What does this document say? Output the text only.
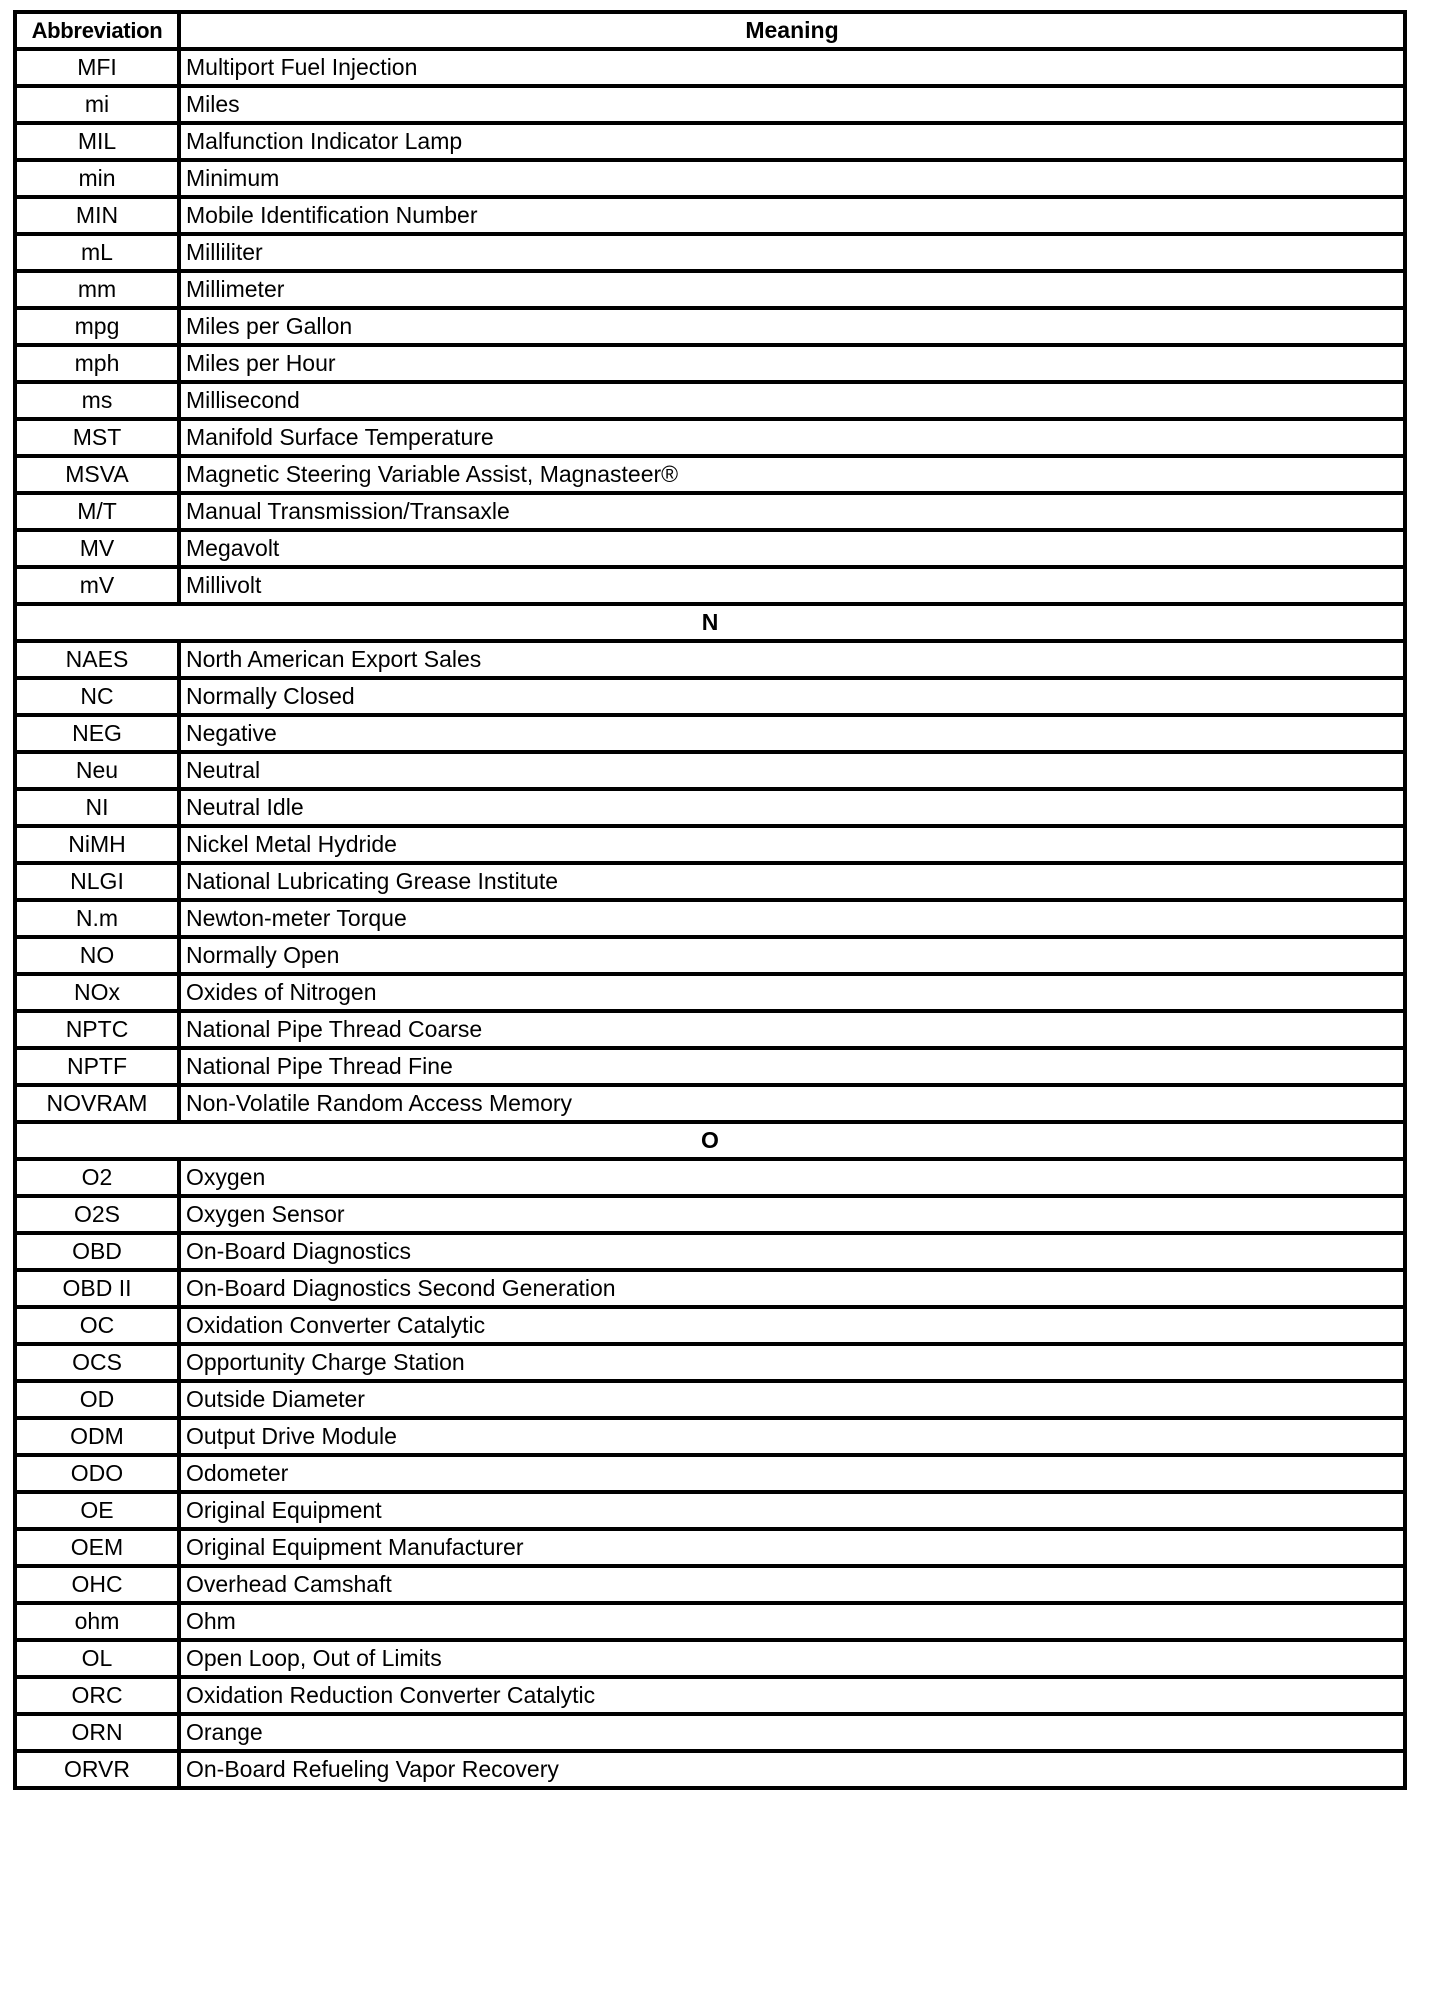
Abbreviation	Meaning
MFI	Multiport Fuel Injection
mi	Miles
MIL	Malfunction Indicator Lamp
min	Minimum
MIN	Mobile Identification Number
mL	Milliliter
mm	Millimeter
mpg	Miles per Gallon
mph	Miles per Hour
ms	Millisecond
MST	Manifold Surface Temperature
MSVA	Magnetic Steering Variable Assist, Magnasteer®
M/T	Manual Transmission/Transaxle
MV	Megavolt
mV	Millivolt
N	
NAES	North American Export Sales
NC	Normally Closed
NEG	Negative
Neu	Neutral
NI	Neutral Idle
NiMH	Nickel Metal Hydride
NLGI	National Lubricating Grease Institute
N.m	Newton-meter Torque
NO	Normally Open
NOx	Oxides of Nitrogen
NPTC	National Pipe Thread Coarse
NPTF	National Pipe Thread Fine
NOVRAM	Non-Volatile Random Access Memory
O	
O2	Oxygen
O2S	Oxygen Sensor
OBD	On-Board Diagnostics
OBD II	On-Board Diagnostics Second Generation
OC	Oxidation Converter Catalytic
OCS	Opportunity Charge Station
OD	Outside Diameter
ODM	Output Drive Module
ODO	Odometer
OE	Original Equipment
OEM	Original Equipment Manufacturer
OHC	Overhead Camshaft
ohm	Ohm
OL	Open Loop, Out of Limits
ORC	Oxidation Reduction Converter Catalytic
ORN	Orange
ORVR	On-Board Refueling Vapor Recovery
